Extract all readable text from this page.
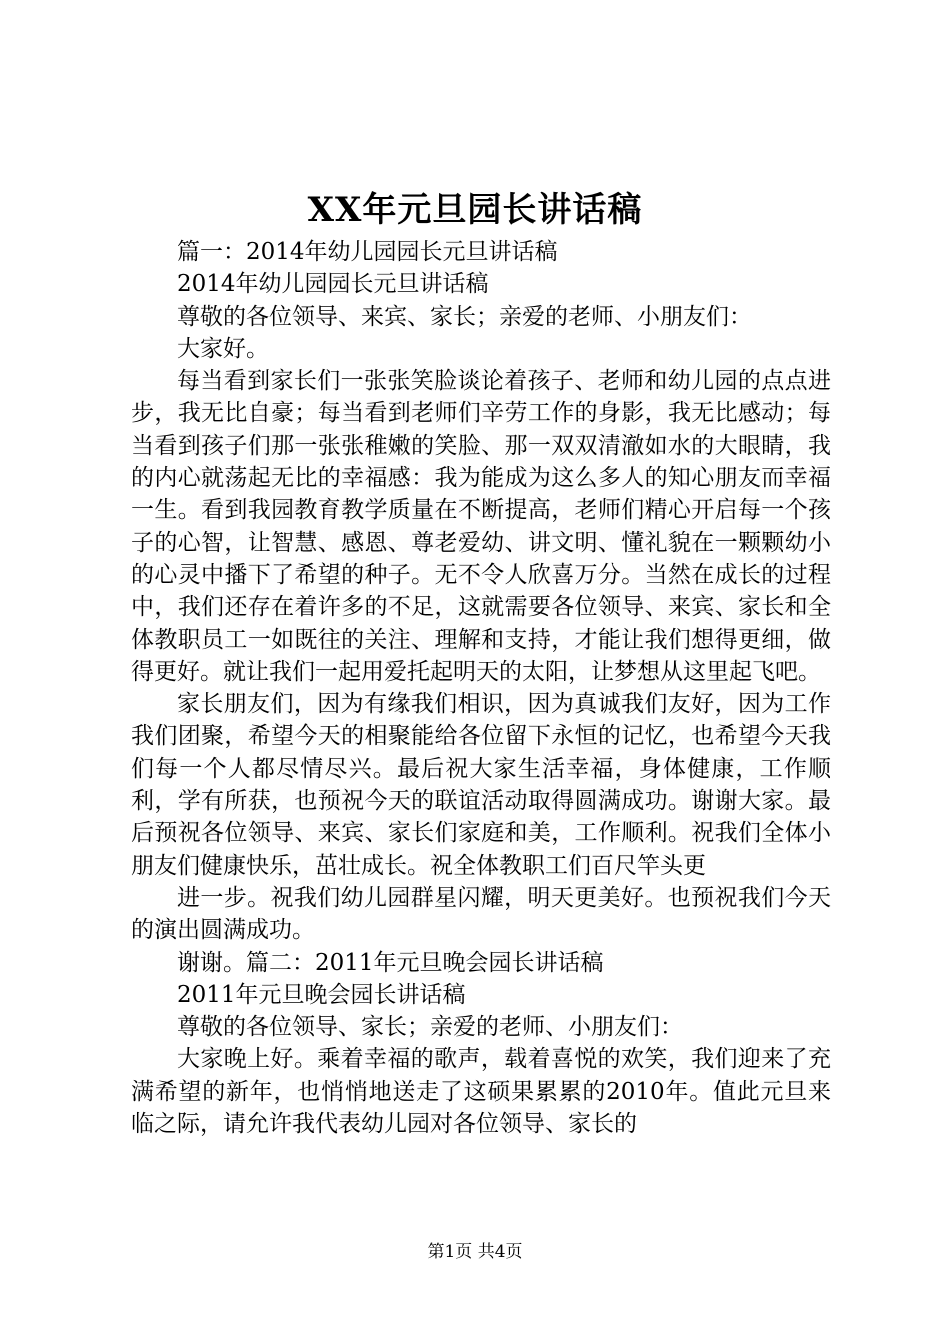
XX年元旦园长讲话稿

篇一：2014年幼儿园园长元旦讲话稿

2014年幼儿园园长元旦讲话稿

尊敬的各位领导、来宾、家长；亲爱的老师、小朋友们：

大家好。

每当看到家长们一张张笑脸谈论着孩子、老师和幼儿园的点点进步，我无比自豪；每当看到老师们辛劳工作的身影，我无比感动；每当看到孩子们那一张张稚嫩的笑脸、那一双双清澈如水的大眼睛，我的内心就荡起无比的幸福感：我为能成为这么多人的知心朋友而幸福一生。看到我园教育教学质量在不断提高，老师们精心开启每一个孩子的心智，让智慧、感恩、尊老爱幼、讲文明、懂礼貌在一颗颗幼小的心灵中播下了希望的种子。无不令人欣喜万分。当然在成长的过程中，我们还存在着许多的不足，这就需要各位领导、来宾、家长和全体教职员工一如既往的关注、理解和支持，才能让我们想得更细，做得更好。就让我们一起用爱托起明天的太阳，让梦想从这里起飞吧。

家长朋友们，因为有缘我们相识，因为真诚我们友好，因为工作我们团聚，希望今天的相聚能给各位留下永恒的记忆，也希望今天我们每一个人都尽情尽兴。最后祝大家生活幸福，身体健康，工作顺利，学有所获，也预祝今天的联谊活动取得圆满成功。谢谢大家。最后预祝各位领导、来宾、家长们家庭和美，工作顺利。祝我们全体小朋友们健康快乐，茁壮成长。祝全体教职工们百尺竿头更

进一步。祝我们幼儿园群星闪耀，明天更美好。也预祝我们今天的演出圆满成功。

谢谢。篇二：2011年元旦晚会园长讲话稿

2011年元旦晚会园长讲话稿

尊敬的各位领导、家长；亲爱的老师、小朋友们：

大家晚上好。乘着幸福的歌声，载着喜悦的欢笑，我们迎来了充满希望的新年，也悄悄地送走了这硕果累累的2010年。值此元旦来临之际，请允许我代表幼儿园对各位领导、家长的

第1页 共4页
